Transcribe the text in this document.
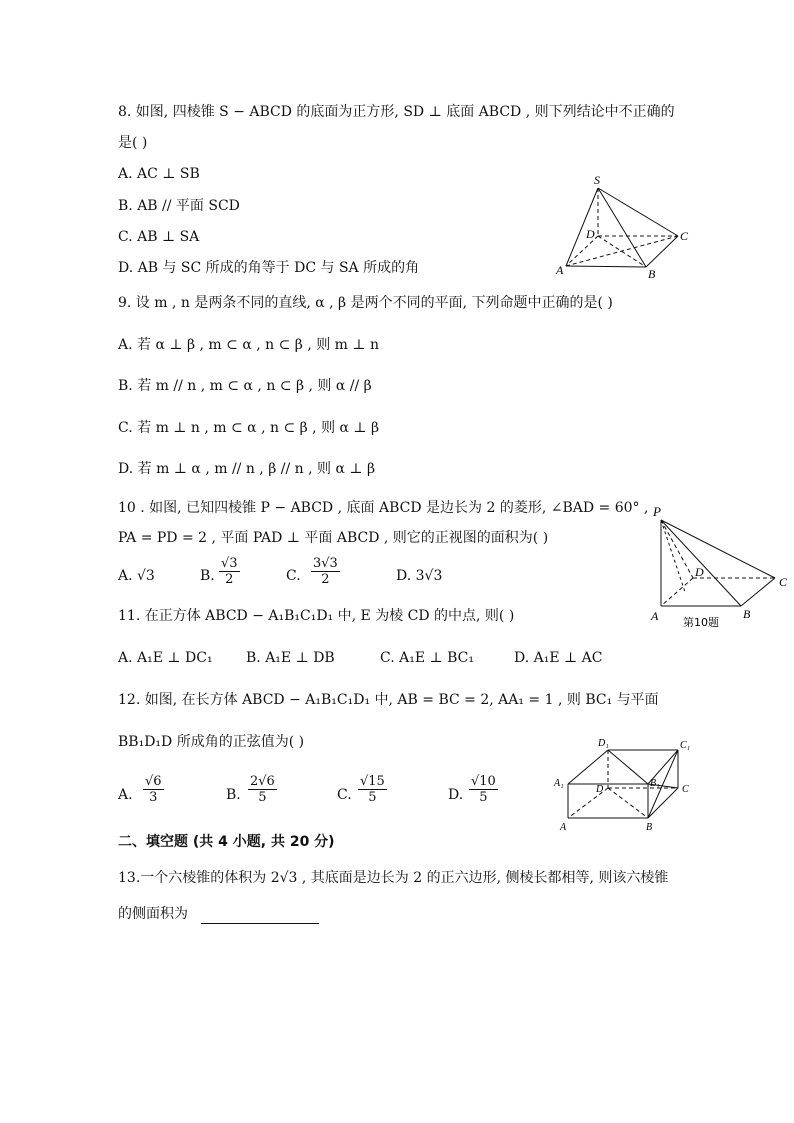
8. 如图, 四棱锥 S − ABCD 的底面为正方形, SD ⊥ 底面 ABCD , 则下列结论中不正确的
是( )
A. AC ⊥ SB
B. AB // 平面 SCD
C. AB ⊥ SA
D. AB 与 SC 所成的角等于 DC 与 SA 所成的角
S
D	C
A	B
9. 设 m , n 是两条不同的直线, α , β 是两个不同的平面, 下列命题中正确的是( )
A. 若 α ⊥ β , m ⊂ α , n ⊂ β , 则 m ⊥ n
B. 若 m // n , m ⊂ α , n ⊂ β , 则 α // β
C. 若 m ⊥ n , m ⊂ α , n ⊂ β , 则 α ⊥ β
D. 若 m ⊥ α , m // n , β // n , 则 α ⊥ β
10 . 如图, 已知四棱锥 P − ABCD , 底面 ABCD 是边长为 2 的菱形, ∠BAD = 60° ,
PA = PD = 2 , 平面 PAD ⊥ 平面 ABCD , 则它的正视图的面积为( )
A. √3	B. $\frac{√3}{2}$	C. $\frac{3√3}{2}$	D. 3√3
P
D
C
A	B
第10题
11. 在正方体 ABCD − A₁B₁C₁D₁ 中, E 为棱 CD 的中点, 则( )
A. A₁E ⊥ DC₁ B. A₁E ⊥ DB	C. A₁E ⊥ BC₁	D. A₁E ⊥ AC
12. 如图, 在长方体 ABCD − A₁B₁C₁D₁ 中, AB = BC = 2, AA₁ = 1 , 则 BC₁ 与平面
BB₁D₁D 所成角的正弦值为( )
A. $\frac{√6}{3}$	B. $\frac{2√6}{5}$	C. $\frac{√15}{5}$	D. $\frac{√10}{5}$
D₁	C₁
A₁	B₁
D	C
A	B
二、填空题 (共 4 小题, 共 20 分)
13.一个六棱锥的体积为 2√3 , 其底面是边长为 2 的正六边形, 侧棱长都相等, 则该六棱锥
的侧面积为
